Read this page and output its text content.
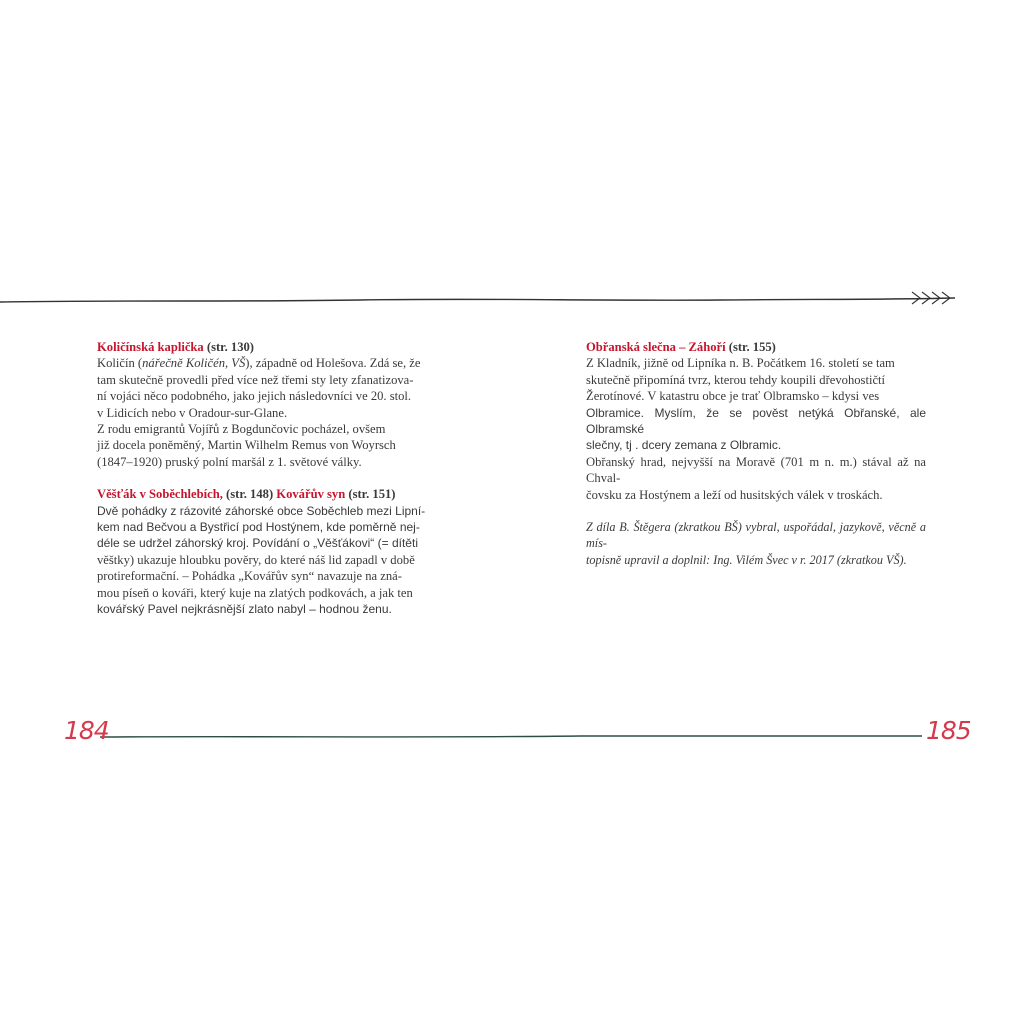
Količínská kaplička (str. 130)

Količín (nářečně Količén, VŠ), západně od Holešova. Zdá se, že

tam skutečně provedli před více než třemi sty lety zfanatizova-

ní vojáci něco podobného, jako jejich následovníci ve 20. stol.

v Lidicích nebo v Oradour-sur-Glane.

Z rodu emigrantů Vojířů z Bogdunčovic pocházel, ovšem

již docela poněměný, Martin Wilhelm Remus von Woyrsch

(1847–1920) pruský polní maršál z 1. světové války.

Věšťák v Soběchlebích, (str. 148) Kovářův syn (str. 151)

Dvě pohádky z rázovité záhorské obce Soběchleb mezi Lipní-

kem nad Bečvou a Bystřicí pod Hostýnem, kde poměrně nej-

déle se udržel záhorský kroj. Povídání o „Věšťákovi“ (= dítěti

věštky) ukazuje hloubku pověry, do které náš lid zapadl v době

protireformační. – Pohádka „Kovářův syn“ navazuje na zná-

mou píseň o kováři, který kuje na zlatých podkovách, a jak ten

kovářský Pavel nejkrásnější zlato nabyl – hodnou ženu.

Obřanská slečna – Záhoří (str. 155)

Z Kladník, jižně od Lipníka n. B. Počátkem 16. století se tam

skutečně připomíná tvrz, kterou tehdy koupili dřevohostičtí

Žerotínové. V katastru obce je trať Olbramsko – kdysi ves

Olbramice. Myslím, že se pověst netýká Obřanské, ale Olbramské

slečny, tj . dcery zemana z Olbramic.

Obřanský hrad, nejvyšší na Moravě (701 m n. m.) stával až na Chval-

čovsku za Hostýnem a leží od husitských válek v troskách.

Z díla B. Štěgera (zkratkou BŠ) vybral, uspořádal, jazykově, věcně a mís-

topisně upravil a doplnil: Ing. Vilém Švec v r. 2017 (zkratkou VŠ).

184	185
